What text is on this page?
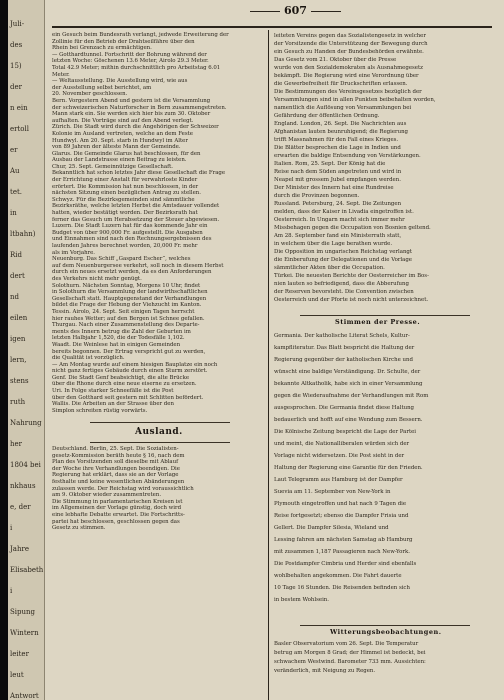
Juli-
des
15)
der
n ein
ertoll
er
Au
tet.
in
ltbahn)
Rid
dert
nd
eilen
igen
lern,
stens
ruth
Nahrung
her
1804 bei
nkhaus
e, der
i
Jahre
Elisabeth
i
Sipung
Wintern
leiter
leut
Antwort
607
ein Gesuch beim Bundesrath verlangt, jedwede Erweiterung der
Zollinie für den Betrieb der Drahtseilfähre über den
Rhein bei Grenzach zu ermächtigen.
— Gotthardtunnel. Fortschritt der Bohrung während der
letzten Woche: Göschenen 13.6 Meter, Airolo 29.3 Meter.
Total 42.9 Meter; mithin durchschnittlich pro Arbeitstag 6.01
Meter.
— Weltausstellung. Die Ausstellung wird, wie aus
der Ausstellung selbst berichtet, am
20. November geschlossen.
Bern. Vorgestern Abend und gestern ist die Versammlung
der schweizerischen Naturforscher in Bern zusammengetreten.
Mann stark ein. Sie werden sich hier bis zum 30. Oktober
aufhalten. Die Vorträge sind auf den Abend verlegt.
Zürich. Die Stadt wird durch die Angehörigen der Schweizer
Kolonie im Ausland vertreten, welche an dem Feste
Hundwyl. Am 20. Sept. starb in Hundwyl im Alter
von 89 Jahren der älteste Mann der Gemeinde.
Glarus. Die Gemeinde Glarus hat beschlossen, für den
Ausbau der Landstrasse einen Beitrag zu leisten.
Chur, 25. Sept. Gemeinnützige Gesellschaft.
Bekanntlich hat schon letztes Jahr diese Gesellschaft die Frage
der Errichtung einer Anstalt für verwahrloste Kinder
erörtert. Die Kommission hat nun beschlossen, in der
nächsten Sitzung einen bezüglichen Antrag zu stellen.
Schwyz. Für die Bezirksgemeinden sind sämmtliche
Bezirksräthe, welche letzten Herbst die Amtsdauer vollendet
hatten, wieder bestätigt worden. Der Bezirksrath hat
ferner das Gesuch um Herabsetzung der Steuer abgewiesen.
Luzern. Die Stadt Luzern hat für das kommende Jahr ein
Budget von über 900,000 Fr. aufgestellt. Die Ausgaben
und Einnahmen sind nach den Rechnungsergebnissen des
laufenden Jahres berechnet worden, 20,000 Fr. mehr
als im Vorjahre.
Neuenburg. Das Schiff „Gaspard Escher“, welches
auf dem Neuenburgersee verkehrt, soll noch in diesem Herbst
durch ein neues ersetzt werden, da es den Anforderungen
des Verkehrs nicht mehr genügt.
Solothurn. Nächsten Sonntag, Morgens 10 Uhr, findet
in Solothurn die Versammlung der landwirthschaftlichen
Gesellschaft statt. Hauptgegenstand der Verhandlungen
bildet die Frage der Hebung der Viehzucht im Kanton.
Tessin. Airolo, 24. Sept. Seit einigen Tagen herrscht
hier rauhes Wetter; auf den Bergen ist Schnee gefallen.
Thurgau. Nach einer Zusammenstellung des Departe-
ments des Innern betrug die Zahl der Geburten im
letzten Halbjahr 1,520, die der Todesfälle 1,102.
Waadt. Die Weinlese hat in einigen Gemeinden
bereits begonnen. Der Ertrag verspricht gut zu werden,
die Qualität ist vorzüglich.
— Am Montag wurde auf einem hiesigen Bauplatze ein noch
nicht ganz fertiges Gebäude durch einen Sturm zerstört.
Genf. Die Stadt Genf beabsichtigt, die alte Brücke
über die Rhone durch eine neue eiserne zu ersetzen.
Uri. In Folge starker Schneefälle ist die Post
über den Gotthard seit gestern mit Schlitten befördert.
Wallis. Die Arbeiten an der Strasse über den
Simplon schreiten rüstig vorwärts.
Ausland.
Deutschland. Berlin, 25. Sept. Die Sozialisten-
gesetz-Kommission beräth heute § 16, nach dem
Plan des Vorsitzenden soll dieselbe mit Ablauf
der Woche ihre Verhandlungen beendigen. Die
Regierung hat erklärt, dass sie an der Vorlage
festhalte und keine wesentlichen Abänderungen
zulassen werde. Der Reichstag wird voraussichtlich
am 9. Oktober wieder zusammentreten.
Die Stimmung in parlamentarischen Kreisen ist
im Allgemeinen der Vorlage günstig, doch wird
eine lebhafte Debatte erwartet. Die Fortschritts-
partei hat beschlossen, geschlossen gegen das
Gesetz zu stimmen.
leiteten Vereins gegen das Sozialistengesetz in welcher
der Vorsitzende die Unterstützung der Bewegung durch
ein Gesuch zu Handen der Bundesbehörden erwähnte.
Das Gesetz vom 21. Oktober über die Presse
wurde von den Sozialdemokraten als Ausnahmegesetz
bekämpft. Die Regierung wird eine Verordnung über
die Gewerbefreiheit für Druckschriften erlassen.
Die Bestimmungen des Vereinsgesetzes bezüglich der
Versammlungen sind in allen Punkten beibehalten worden,
namentlich die Auflösung von Versammlungen bei
Gefährdung der öffentlichen Ordnung.
England. London, 26. Sept. Die Nachrichten aus
Afghanistan lauten beunruhigend; die Regierung
trifft Massnahmen für den Fall eines Krieges.
Die Blätter besprechen die Lage in Indien und
erwarten die baldige Entsendung von Verstärkungen.
Italien. Rom, 25. Sept. Der König hat die
Reise nach dem Süden angetreten und wird in
Neapel mit grossem Jubel empfangen werden.
Der Minister des Innern hat eine Rundreise
durch die Provinzen begonnen.
Russland. Petersburg, 24. Sept. Die Zeitungen
melden, dass der Kaiser in Livadia eingetroffen ist.
Oesterreich. In Ungarn macht sich immer mehr
Missbehagen gegen die Occupation von Bosnien geltend.
Am 28. September fand ein Ministerrath statt,
in welchem über die Lage berathen wurde.
Die Opposition im ungarischen Reichstag verlangt
die Einberufung der Delegationen und die Vorlage
sämmtlicher Akten über die Occupation.
Türkei. Die neuesten Berichte der Oesterreicher im Bos-
nien lauten so befriedigend, dass die Abberufung
der Reserven bevorsteht. Die Convention zwischen
Oesterreich und der Pforte ist noch nicht unterzeichnet.
Stimmen der Presse.
Germania. Der katholische Literat Schels, Kultur-
kampfliteratur. Das Blatt bespricht die Haltung der
Regierung gegenüber der katholischen Kirche und
wünscht eine baldige Verständigung. Dr. Schulte, der
bekannte Altkatholik, habe sich in einer Versammlung
gegen die Wiederaufnahme der Verhandlungen mit Rom
ausgesprochen. Die Germania findet diese Haltung
bedauerlich und hofft auf eine Wendung zum Bessern.
Die Kölnische Zeitung bespricht die Lage der Partei
und meint, die Nationalliberalen würden sich der
Vorlage nicht widersetzen. Die Post sieht in der
Haltung der Regierung eine Garantie für den Frieden.
Laut Telegramm aus Hamburg ist der Dampfer
Suevia am 11. September von New-York in
Plymouth eingetroffen und hat nach 9 Tagen die
Reise fortgesetzt; ebenso die Dampfer Frisia und
Gellert. Die Dampfer Silesia, Wieland und
Lessing fahren am nächsten Samstag ab Hamburg
mit zusammen 1,187 Passagieren nach New-York.
Die Postdampfer Cimbria und Herder sind ebenfalls
wohlbehalten angekommen. Die Fahrt dauerte
10 Tage 16 Stunden. Die Reisenden befinden sich
in bestem Wohlsein.
Witterungsbeobachtungen.
Basler Observatorium vom 26. Sept. Die Temperatur
betrug am Morgen 8 Grad; der Himmel ist bedeckt, bei
schwachem Westwind. Barometer 733 mm. Aussichten:
veränderlich, mit Neigung zu Regen.
